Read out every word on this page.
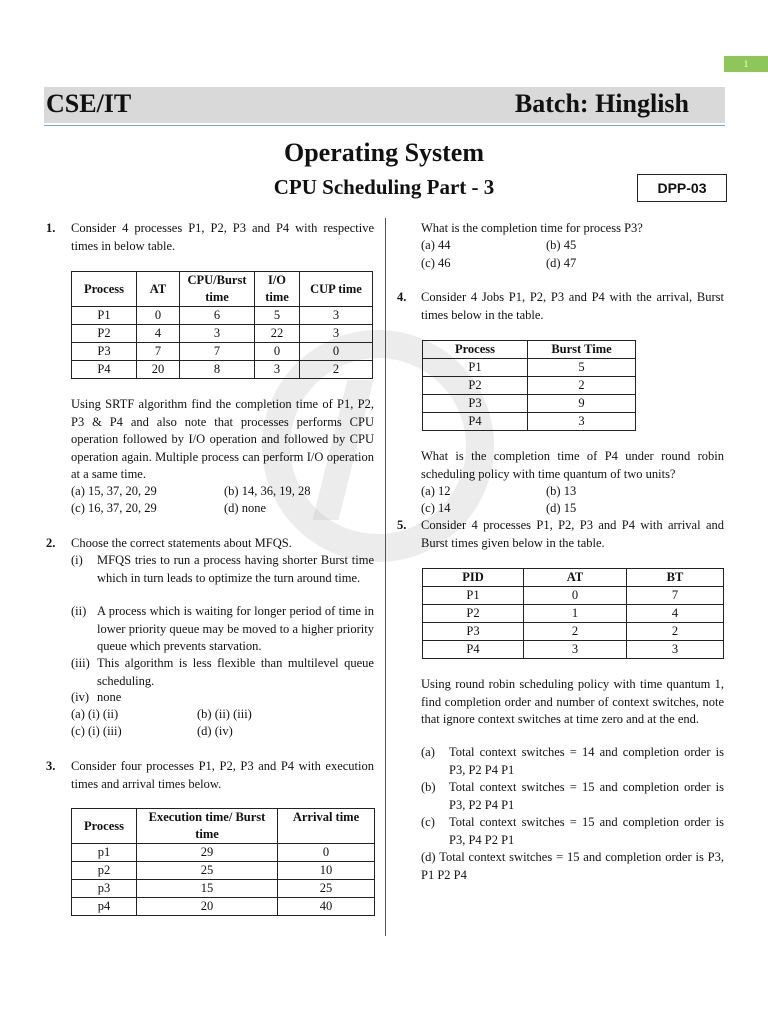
1
CSE/IT	Batch: Hinglish
Operating System
CPU Scheduling Part - 3	DPP-03
1. Consider 4 processes P1, P2, P3 and P4 with respective times in below table.
Process	AT	CPU/Burst time	I/O time	CUP time
P1	0	6	5	3
P2	4	3	22	3
P3	7	7	0	0
P4	20	8	3	2
Using SRTF algorithm find the completion time of P1, P2, P3 & P4 and also note that processes performs CPU operation followed by I/O operation and followed by CPU operation again. Multiple process can perform I/O operation at a same time.
(a) 15, 37, 20, 29	(b) 14, 36, 19, 28
(c) 16, 37, 20, 29	(d) none
2. Choose the correct statements about MFQS.
(i) MFQS tries to run a process having shorter Burst time which in turn leads to optimize the turn around time.
(ii) A process which is waiting for longer period of time in lower priority queue may be moved to a higher priority queue which prevents starvation.
(iii) This algorithm is less flexible than multilevel queue scheduling.
(iv) none
(a) (i) (ii)	(b) (ii) (iii)
(c) (i) (iii)	(d) (iv)
3. Consider four processes P1, P2, P3 and P4 with execution times and arrival times below.
Process	Execution time/ Burst time	Arrival time
p1	29	0
p2	25	10
p3	15	25
p4	20	40
What is the completion time for process P3?
(a) 44	(b) 45
(c) 46	(d) 47
4. Consider 4 Jobs P1, P2, P3 and P4 with the arrival, Burst times below in the table.
Process	Burst Time
P1	5
P2	2
P3	9
P4	3
What is the completion time of P4 under round robin scheduling policy with time quantum of two units?
(a) 12	(b) 13
(c) 14	(d) 15
5. Consider 4 processes P1, P2, P3 and P4 with arrival and Burst times given below in the table.
PID	AT	BT
P1	0	7
P2	1	4
P3	2	2
P4	3	3
Using round robin scheduling policy with time quantum 1, find completion order and number of context switches, note that ignore context switches at time zero and at the end.
(a) Total context switches = 14 and completion order is P3, P2 P4 P1
(b) Total context switches = 15 and completion order is P3, P2 P4 P1
(c) Total context switches = 15 and completion order is P3, P4 P2 P1
(d) Total context switches = 15 and completion order is P3, P1 P2 P4
